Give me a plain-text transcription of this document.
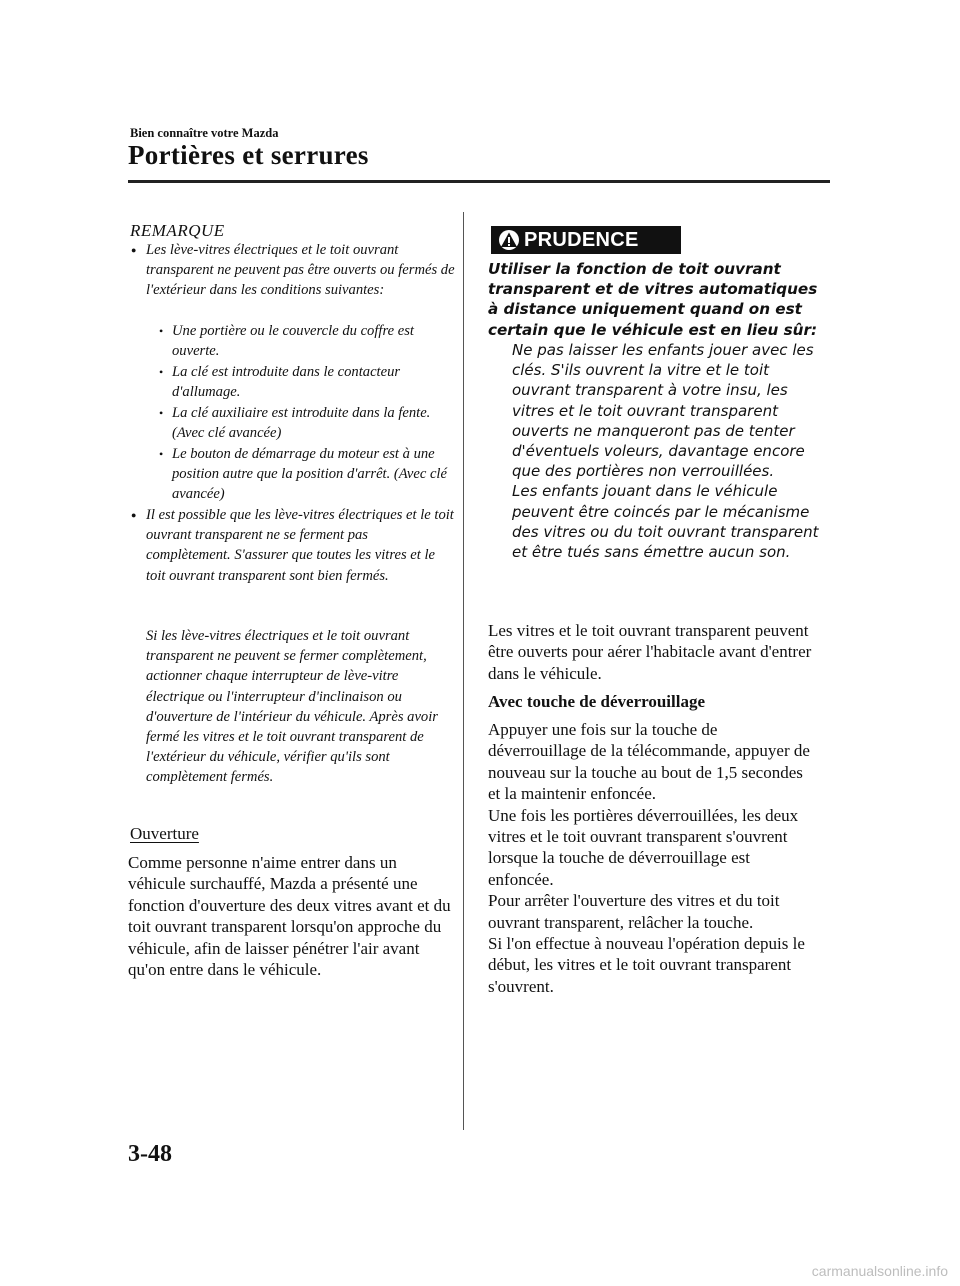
Bien connaître votre Mazda
Portières et serrures
REMARQUE
● Les lève-vitres électriques et le toit ouvrant transparent ne peuvent pas être ouverts ou fermés de l'extérieur dans les conditions suivantes:
• Une portière ou le couvercle du coffre est ouverte.
• La clé est introduite dans le contacteur d'allumage.
• La clé auxiliaire est introduite dans la fente. (Avec clé avancée)
• Le bouton de démarrage du moteur est à une position autre que la position d'arrêt. (Avec clé avancée)
● Il est possible que les lève-vitres électriques et le toit ouvrant transparent ne se ferment pas complètement. S'assurer que toutes les vitres et le toit ouvrant transparent sont bien fermés.
Si les lève-vitres électriques et le toit ouvrant transparent ne peuvent se fermer complètement, actionner chaque interrupteur de lève-vitre électrique ou l'interrupteur d'inclinaison ou d'ouverture de l'intérieur du véhicule. Après avoir fermé les vitres et le toit ouvrant transparent de l'extérieur du véhicule, vérifier qu'ils sont complètement fermés.
Ouverture
Comme personne n'aime entrer dans un véhicule surchauffé, Mazda a présenté une fonction d'ouverture des deux vitres avant et du toit ouvrant transparent lorsqu'on approche du véhicule, afin de laisser pénétrer l'air avant qu'on entre dans le véhicule.
PRUDENCE
Utiliser la fonction de toit ouvrant transparent et de vitres automatiques à distance uniquement quand on est certain que le véhicule est en lieu sûr:

Ne pas laisser les enfants jouer avec les clés. S'ils ouvrent la vitre et le toit ouvrant transparent à votre insu, les vitres et le toit ouvrant transparent ouverts ne manqueront pas de tenter d'éventuels voleurs, davantage encore que des portières non verrouillées.

Les enfants jouant dans le véhicule peuvent être coincés par le mécanisme des vitres ou du toit ouvrant transparent et être tués sans émettre aucun son.

Les vitres et le toit ouvrant transparent peuvent être ouverts pour aérer l'habitacle avant d'entrer dans le véhicule.
Avec touche de déverrouillage
Appuyer une fois sur la touche de déverrouillage de la télécommande, appuyer de nouveau sur la touche au bout de 1,5 secondes et la maintenir enfoncée.
Une fois les portières déverrouillées, les deux vitres et le toit ouvrant transparent s'ouvrent lorsque la touche de déverrouillage est enfoncée.
Pour arrêter l'ouverture des vitres et du toit ouvrant transparent, relâcher la touche.
Si l'on effectue à nouveau l'opération depuis le début, les vitres et le toit ouvrant transparent s'ouvrent.
3-48
carmanualsonline.info
